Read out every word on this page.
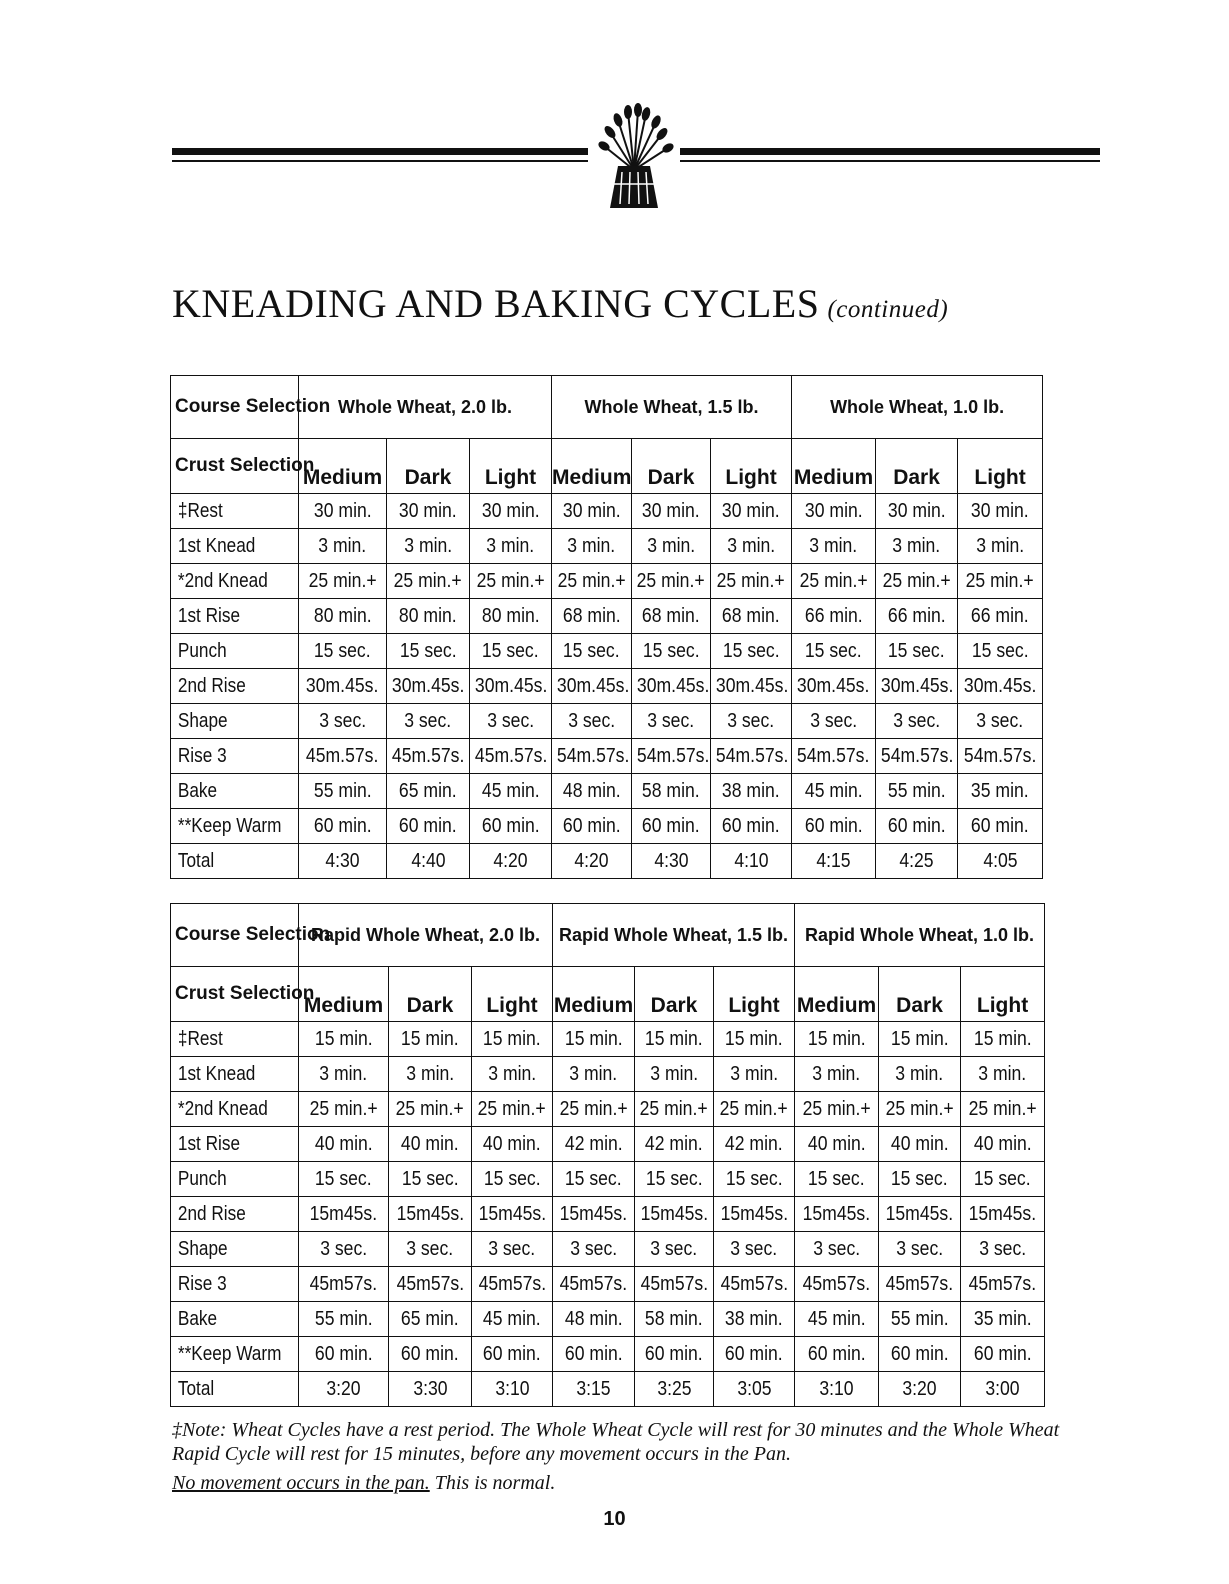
KNEADING AND BAKING CYCLES (continued)
Course Selection	Whole Wheat, 2.0 lb.			Whole Wheat, 1.5 lb.			Whole Wheat, 1.0 lb.		
Crust Selection	Medium	Dark	Light	Medium	Dark	Light	Medium	Dark	Light

‡Rest	30 min.	30 min.	30 min.	30 min.	30 min.	30 min.	30 min.	30 min.	30 min.

1st Knead	3 min.	3 min.	3 min.	3 min.	3 min.	3 min.	3 min.	3 min.	3 min.

*2nd Knead	25 min.+	25 min.+	25 min.+	25 min.+	25 min.+	25 min.+	25 min.+	25 min.+	25 min.+

1st Rise	80 min.	80 min.	80 min.	68 min.	68 min.	68 min.	66 min.	66 min.	66 min.

Punch	15 sec.	15 sec.	15 sec.	15 sec.	15 sec.	15 sec.	15 sec.	15 sec.	15 sec.

2nd Rise	30m.45s.	30m.45s.	30m.45s.	30m.45s.	30m.45s.	30m.45s.	30m.45s.	30m.45s.	30m.45s.

Shape	3 sec.	3 sec.	3 sec.	3 sec.	3 sec.	3 sec.	3 sec.	3 sec.	3 sec.

Rise 3	45m.57s.	45m.57s.	45m.57s.	54m.57s.	54m.57s.	54m.57s.	54m.57s.	54m.57s.	54m.57s.

Bake	55 min.	65 min.	45 min.	48 min.	58 min.	38 min.	45 min.	55 min.	35 min.

**Keep Warm	60 min.	60 min.	60 min.	60 min.	60 min.	60 min.	60 min.	60 min.	60 min.

Total	4:30	4:40	4:20	4:20	4:30	4:10	4:15	4:25	4:05
Course Selection	Rapid Whole Wheat, 2.0 lb.			Rapid Whole Wheat, 1.5 lb.			Rapid Whole Wheat, 1.0 lb.		
Crust Selection	Medium	Dark	Light	Medium	Dark	Light	Medium	Dark	Light

‡Rest	15 min.	15 min.	15 min.	15 min.	15 min.	15 min.	15 min.	15 min.	15 min.

1st Knead	3 min.	3 min.	3 min.	3 min.	3 min.	3 min.	3 min.	3 min.	3 min.

*2nd Knead	25 min.+	25 min.+	25 min.+	25 min.+	25 min.+	25 min.+	25 min.+	25 min.+	25 min.+

1st Rise	40 min.	40 min.	40 min.	42 min.	42 min.	42 min.	40 min.	40 min.	40 min.

Punch	15 sec.	15 sec.	15 sec.	15 sec.	15 sec.	15 sec.	15 sec.	15 sec.	15 sec.

2nd Rise	15m45s.	15m45s.	15m45s.	15m45s.	15m45s.	15m45s.	15m45s.	15m45s.	15m45s.

Shape	3 sec.	3 sec.	3 sec.	3 sec.	3 sec.	3 sec.	3 sec.	3 sec.	3 sec.

Rise 3	45m57s.	45m57s.	45m57s.	45m57s.	45m57s.	45m57s.	45m57s.	45m57s.	45m57s.

Bake	55 min.	65 min.	45 min.	48 min.	58 min.	38 min.	45 min.	55 min.	35 min.

**Keep Warm	60 min.	60 min.	60 min.	60 min.	60 min.	60 min.	60 min.	60 min.	60 min.

Total	3:20	3:30	3:10	3:15	3:25	3:05	3:10	3:20	3:00
‡Note: Wheat Cycles have a rest period. The Whole Wheat Cycle will rest for 30 minutes and the Whole Wheat Rapid Cycle will rest for 15 minutes, before any movement occurs in the Pan.
No movement occurs in the pan. This is normal.
10
